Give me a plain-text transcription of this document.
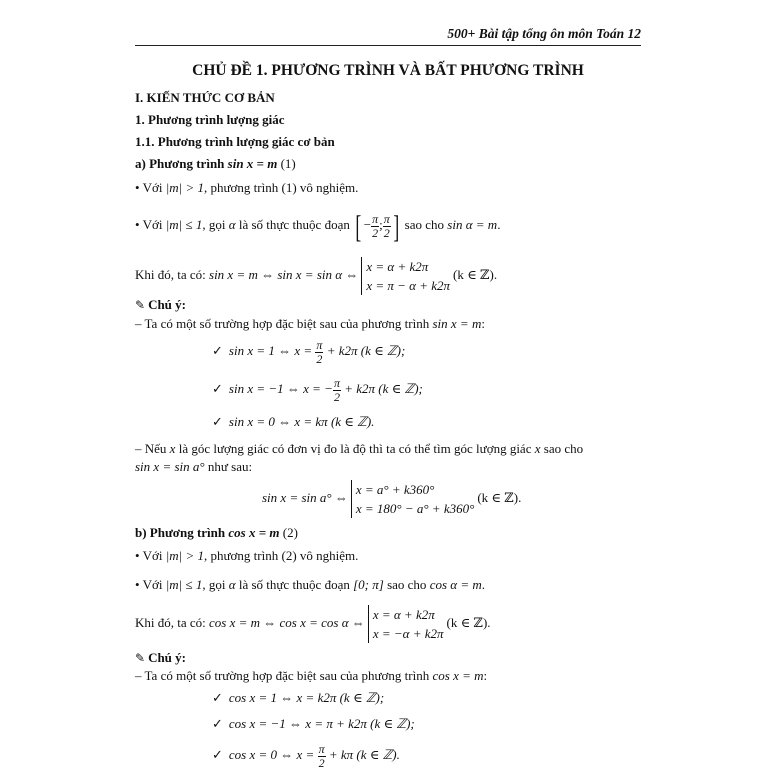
500+ Bài tập tổng ôn môn Toán 12
CHỦ ĐỀ 1. PHƯƠNG TRÌNH VÀ BẤT PHƯƠNG TRÌNH
I. KIẾN THỨC CƠ BẢN
1. Phương trình lượng giác
1.1. Phương trình lượng giác cơ bản
a) Phương trình sin x = m (1)
• Với |m| > 1, phương trình (1) vô nghiệm.
• Với |m| ≤ 1, gọi α là số thực thuộc đoạn [ − $\frac{\pi}{2}$ ; $\frac{\pi}{2}$ ] sao cho sin α = m.
Khi đó, ta có: sin x = m ⇔ sin x = sin α ⇔
x = α + k2π
x = π − α + k2π
(k ∈ ℤ).
✎ Chú ý:
– Ta có một số trường hợp đặc biệt sau của phương trình sin x = m:
✓ sin x = 1 ⇔ $x = \frac{\pi}{2} + k2\pi$ (k ∈ ℤ);
✓ sin x = −1 ⇔ x = − $\frac{\pi}{2} + k2\pi$ (k ∈ ℤ);
✓ sin x = 0 ⇔ x = kπ (k ∈ ℤ).
– Nếu x là góc lượng giác có đơn vị đo là độ thì ta có thể tìm góc lượng giác x sao cho
sin x = sin a° như sau:
sin x = sin a° ⇔
x = a° + k360°
x = 180° − a° + k360°
(k ∈ ℤ).
b) Phương trình cos x = m (2)
• Với |m| > 1, phương trình (2) vô nghiệm.
• Với |m| ≤ 1, gọi α là số thực thuộc đoạn [0; π] sao cho cos α = m.
Khi đó, ta có: cos x = m ⇔ cos x = cos α ⇔
x = α + k2π
x = −α + k2π
(k ∈ ℤ).
✎ Chú ý:
– Ta có một số trường hợp đặc biệt sau của phương trình cos x = m:
✓ cos x = 1 ⇔ x = k2π (k ∈ ℤ);
✓ cos x = −1 ⇔ x = π + k2π (k ∈ ℤ);
✓ cos x = 0 ⇔ $x = \frac{\pi}{2} + k\pi$ (k ∈ ℤ).
